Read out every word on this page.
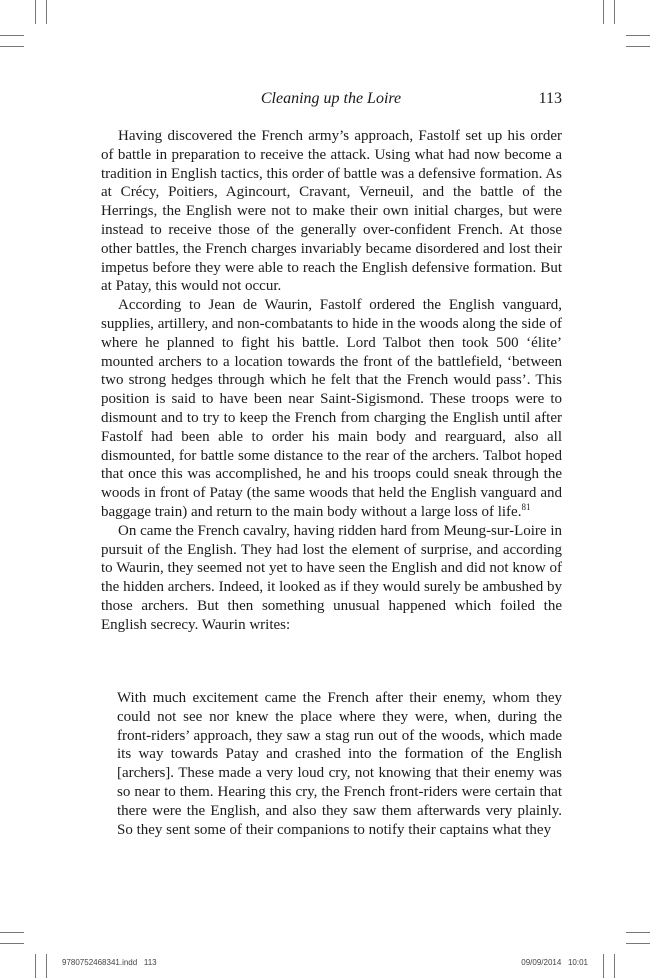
Cleaning up the Loire	113

Having discovered the French army’s approach, Fastolf set up his order of battle in preparation to receive the attack. Using what had now become a tradition in English tactics, this order of battle was a defensive formation. As at Crécy, Poitiers, Agincourt, Cravant, Verneuil, and the battle of the Herrings, the English were not to make their own initial charges, but were instead to receive those of the generally over-confident French. At those other battles, the French charges invariably became disordered and lost their impetus before they were able to reach the English defensive formation. But at Patay, this would not occur.

According to Jean de Waurin, Fastolf ordered the English vanguard, supplies, artillery, and non-combatants to hide in the woods along the side of where he planned to fight his battle. Lord Talbot then took 500 ‘élite’ mounted archers to a location towards the front of the battlefield, ‘between two strong hedges through which he felt that the French would pass’. This position is said to have been near Saint-Sigismond. These troops were to dismount and to try to keep the French from charging the English until after Fastolf had been able to order his main body and rearguard, also all dismounted, for battle some distance to the rear of the archers. Talbot hoped that once this was accomplished, he and his troops could sneak through the woods in front of Patay (the same woods that held the English vanguard and baggage train) and return to the main body without a large loss of life.$^{81}$

On came the French cavalry, having ridden hard from Meung-sur-Loire in pursuit of the English. They had lost the element of surprise, and according to Waurin, they seemed not yet to have seen the English and did not know of the hidden archers. Indeed, it looked as if they would surely be ambushed by those archers. But then something unusual happened which foiled the English secrecy. Waurin writes:

With much excitement came the French after their enemy, whom they could not see nor knew the place where they were, when, during the front-riders’ approach, they saw a stag run out of the woods, which made its way towards Patay and crashed into the formation of the English [archers]. These made a very loud cry, not knowing that their enemy was so near to them. Hearing this cry, the French front-riders were certain that there were the English, and also they saw them afterwards very plainly. So they sent some of their companions to notify their captains what they

9780752468341.indd   113	09/09/2014   10:01
